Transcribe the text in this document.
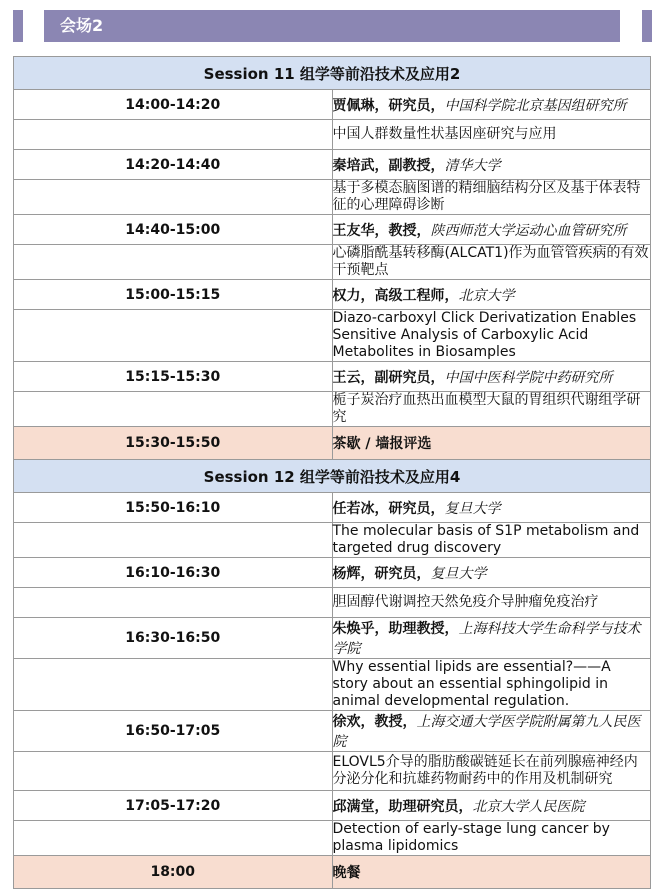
会场2
Session 11 组学等前沿技术及应用2	
14:00-14:20	贾佩琳，研究员，中国科学院北京基因组研究所
	中国人群数量性状基因座研究与应用
14:20-14:40	秦培武，副教授，清华大学
	基于多模态脑图谱的精细脑结构分区及基于体表特征的心理障碍诊断
14:40-15:00	王友华，教授，陕西师范大学运动心血管研究所
	心磷脂酰基转移酶(ALCAT1)作为血管管疾病的有效干预靶点
15:00-15:15	权力，高级工程师，北京大学
	Diazo-carboxyl Click Derivatization Enables Sensitive Analysis of Carboxylic Acid Metabolites in Biosamples
15:15-15:30	王云，副研究员，中国中医科学院中药研究所
	栀子炭治疗血热出血模型大鼠的胃组织代谢组学研究
15:30-15:50	茶歇 / 墙报评选
Session 12 组学等前沿技术及应用4	
15:50-16:10	任若冰，研究员，复旦大学
	The molecular basis of S1P metabolism and targeted drug discovery
16:10-16:30	杨辉，研究员，复旦大学
	胆固醇代谢调控天然免疫介导肿瘤免疫治疗
16:30-16:50	朱焕乎，助理教授，上海科技大学生命科学与技术学院
	Why essential lipids are essential?——A story about an essential sphingolipid in animal developmental regulation.
16:50-17:05	徐欢，教授，上海交通大学医学院附属第九人民医院
	ELOVL5介导的脂肪酸碳链延长在前列腺癌神经内分泌分化和抗雄药物耐药中的作用及机制研究
17:05-17:20	邱满堂，助理研究员，北京大学人民医院
	Detection of early-stage lung cancer by plasma lipidomics
18:00	晚餐
